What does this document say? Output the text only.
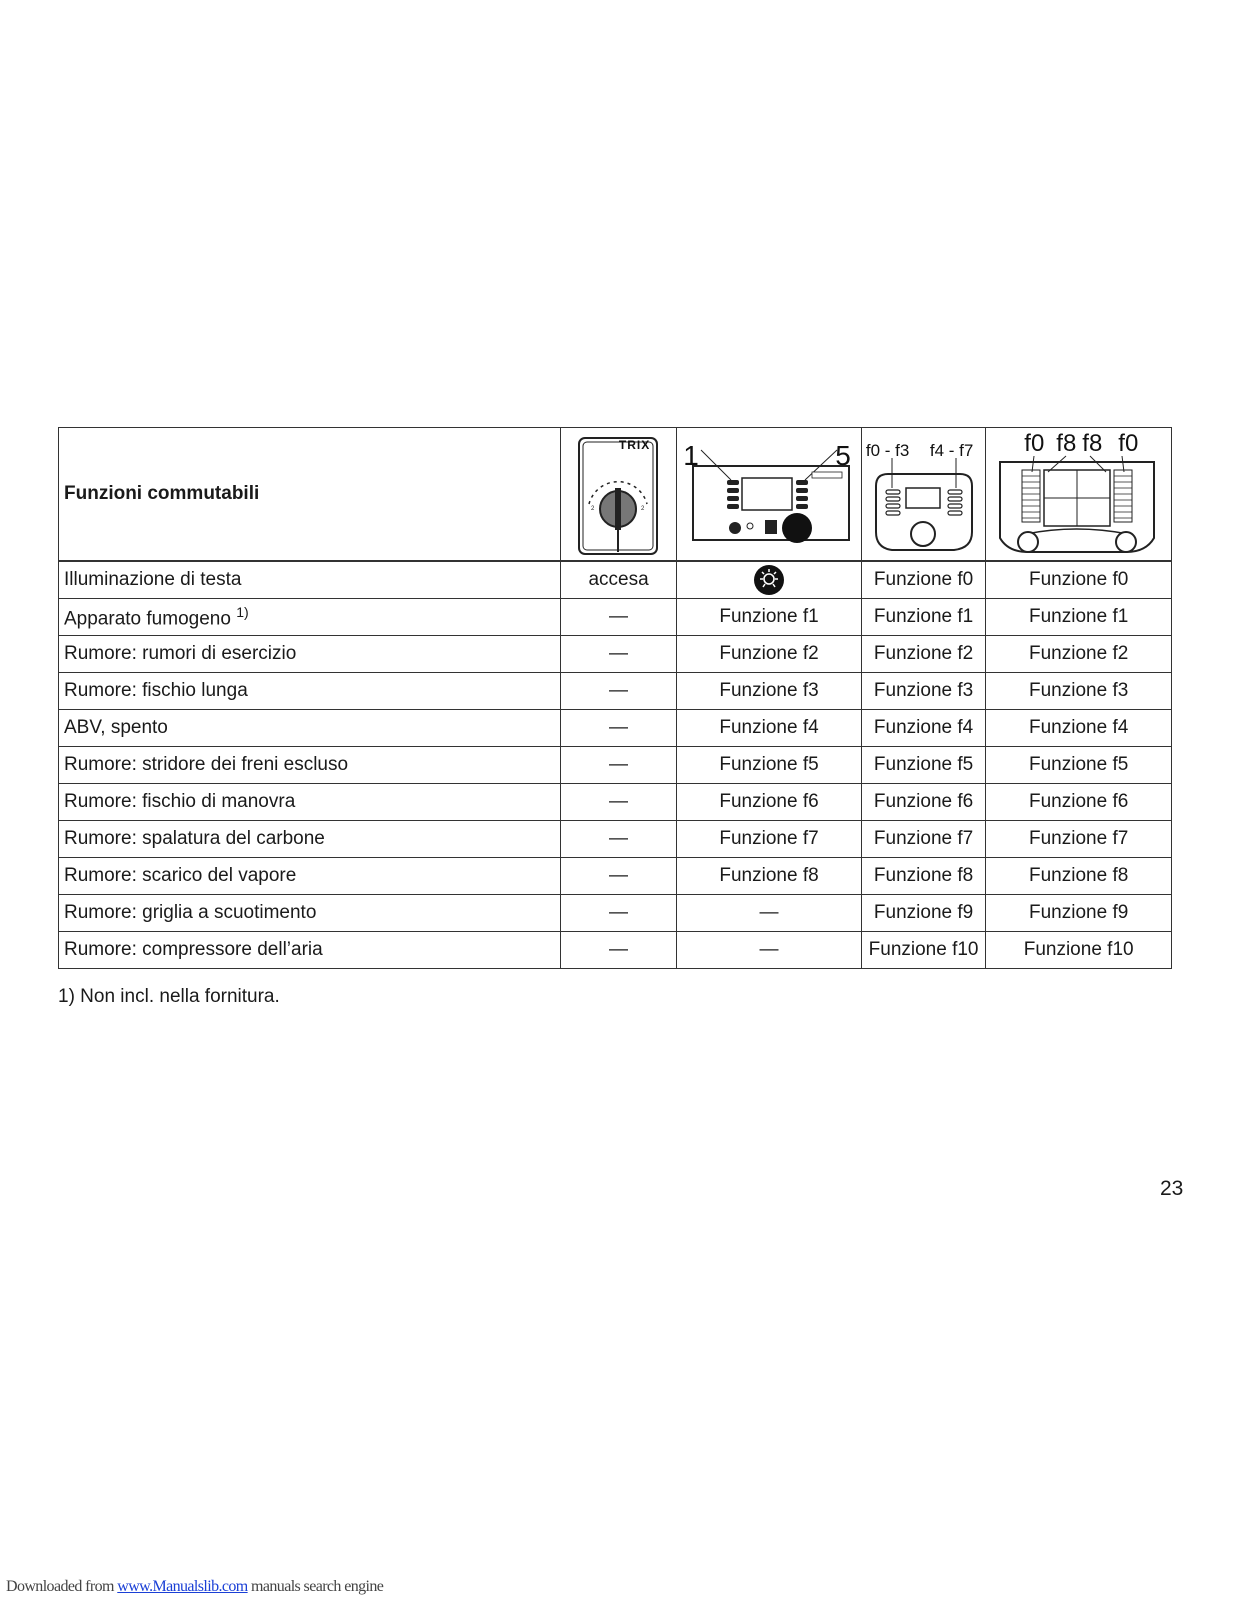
Funzioni commutabili	2 2
TRIX	1 5	f0 - f3 f4 - f7	f0 f8 f8 f0

Illuminazione di testa	accesa		Funzione f0	Funzione f0
Apparato fumogeno $^{1)}$	—	Funzione f1	Funzione f1	Funzione f1
Rumore: rumori di esercizio	—	Funzione f2	Funzione f2	Funzione f2
Rumore: fischio lunga	—	Funzione f3	Funzione f3	Funzione f3
ABV, spento	—	Funzione f4	Funzione f4	Funzione f4
Rumore: stridore dei freni escluso	—	Funzione f5	Funzione f5	Funzione f5
Rumore: fischio di manovra	—	Funzione f6	Funzione f6	Funzione f6
Rumore: spalatura del carbone	—	Funzione f7	Funzione f7	Funzione f7
Rumore: scarico del vapore	—	Funzione f8	Funzione f8	Funzione f8
Rumore: griglia a scuotimento	—	—	Funzione f9	Funzione f9
Rumore: compressore dell’aria	—	—	Funzione f10	Funzione f10
1) Non incl. nella fornitura.
23
Downloaded from www.Manualslib.com manuals search engine
